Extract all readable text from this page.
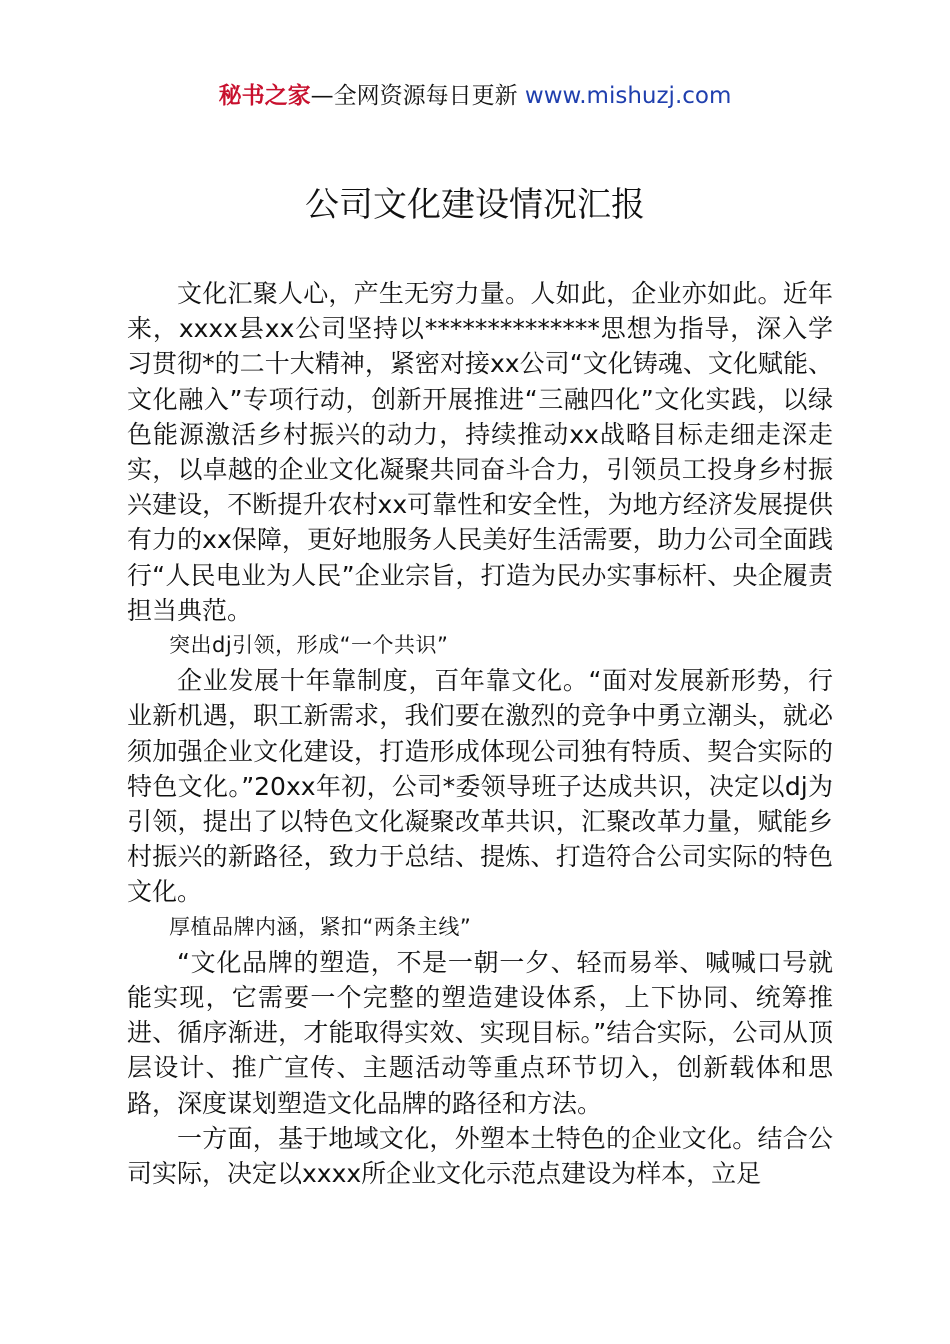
秘书之家—全网资源每日更新 www.mishuzj.com
公司文化建设情况汇报

文化汇聚人心，产生无穷力量。人如此，企业亦如此。近年来，xxxx县xx公司坚持以**************思想为指导，深入学习贯彻*的二十大精神，紧密对接xx公司“文化铸魂、文化赋能、文化融入”专项行动，创新开展推进“三融四化”文化实践，以绿色能源激活乡村振兴的动力，持续推动xx战略目标走细走深走实，以卓越的企业文化凝聚共同奋斗合力，引领员工投身乡村振兴建设，不断提升农村xx可靠性和安全性，为地方经济发展提供有力的xx保障，更好地服务人民美好生活需要，助力公司全面践行“人民电业为人民”企业宗旨，打造为民办实事标杆、央企履责担当典范。

突出dj引领，形成“一个共识”

企业发展十年靠制度，百年靠文化。“面对发展新形势，行业新机遇，职工新需求，我们要在激烈的竞争中勇立潮头，就必须加强企业文化建设，打造形成体现公司独有特质、契合实际的特色文化。”20xx年初，公司*委领导班子达成共识，决定以dj为引领，提出了以特色文化凝聚改革共识，汇聚改革力量，赋能乡村振兴的新路径，致力于总结、提炼、打造符合公司实际的特色文化。

厚植品牌内涵，紧扣“两条主线”

“文化品牌的塑造，不是一朝一夕、轻而易举、喊喊口号就能实现，它需要一个完整的塑造建设体系，上下协同、统筹推进、循序渐进，才能取得实效、实现目标。”结合实际，公司从顶层设计、推广宣传、主题活动等重点环节切入，创新载体和思路，深度谋划塑造文化品牌的路径和方法。

一方面，基于地域文化，外塑本土特色的企业文化。结合公司实际，决定以xxxx所企业文化示范点建设为样本，立足
